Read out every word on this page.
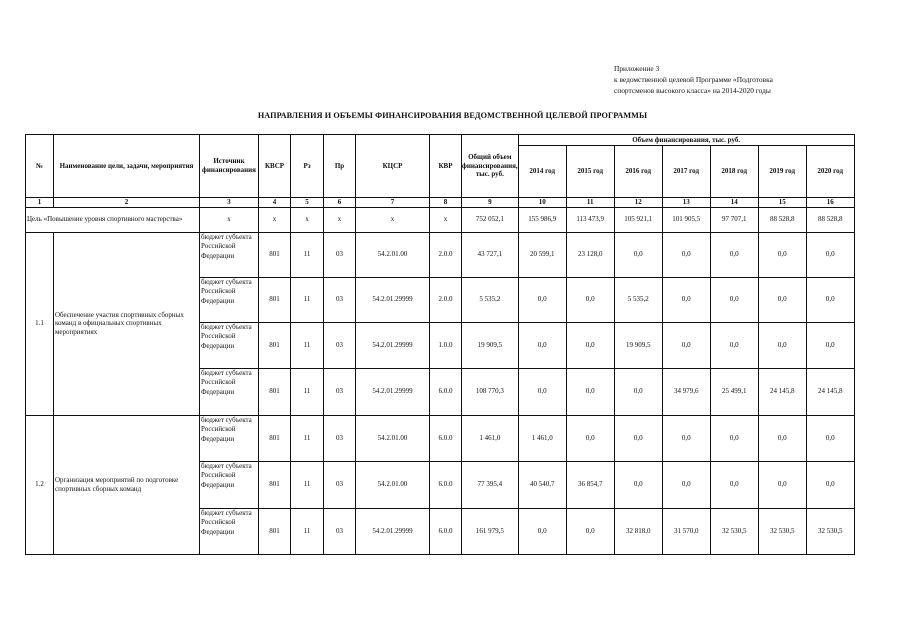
Приложение 3
к ведомственной целевой Программе «Подготовка
спортсменов высокого класса» на 2014-2020 годы
НАПРАВЛЕНИЯ И ОБЪЕМЫ ФИНАНСИРОВАНИЯ ВЕДОМСТВЕННОЙ ЦЕЛЕВОЙ ПРОГРАММЫ
№	Наименование цели, задачи, мероприятия	Источник финансирования	КВСР	Рз	Пр	КЦСР	КВР	Общий объем финансирования, тыс. руб.	Объем финансирования, тыс. руб.						
									2014 год	2015 год	2016 год	2017 год	2018 год	2019 год	2020 год
1	2	3	4	5	6	7	8	9	10	11	12	13	14	15	16
Цель «Повышение уровня спортивного мастерства»		x	x	x	x	x	x	752 052,1	155 986,9	113 473,9	105 921,1	101 905,5	97 707,1	88 528,8	88 528,8
1.1	Обеспечение участия спортивных сборных команд в официальных спортивных мероприятиях	бюджет субъекта Российской Федерации	801	11	03	54.2.01.00	2.0.0	43 727,1	20 599,1	23 128,0	0,0	0,0	0,0	0,0	0,0
		бюджет субъекта Российской Федерации	801	11	03	54.2.01.29999	2.0.0	5 535,2	0,0	0,0	5 535,2	0,0	0,0	0,0	0,0
		бюджет субъекта Российской Федерации	801	11	03	54.2.01.29999	1.0.0	19 909,5	0,0	0,0	19 909,5	0,0	0,0	0,0	0,0
		бюджет субъекта Российской Федерации	801	11	03	54.2.01.29999	6.0.0	108 770,3	0,0	0,0	0,0	34 979,6	25 499,1	24 145,8	24 145,8
1.2	Организация мероприятий по подготовке спортивных сборных команд	бюджет субъекта Российской Федерации	801	11	03	54.2.01.00	6.0.0	1 461,0	1 461,0	0,0	0,0	0,0	0,0	0,0	0,0
		бюджет субъекта Российской Федерации	801	11	03	54.2.01.00	6.0.0	77 395,4	40 540,7	36 854,7	0,0	0,0	0,0	0,0	0,0
		бюджет субъекта Российской Федерации	801	11	03	54.2.01.29999	6.0.0	161 979,5	0,0	0,0	32 818,0	31 570,0	32 530,5	32 530,5	32 530,5
